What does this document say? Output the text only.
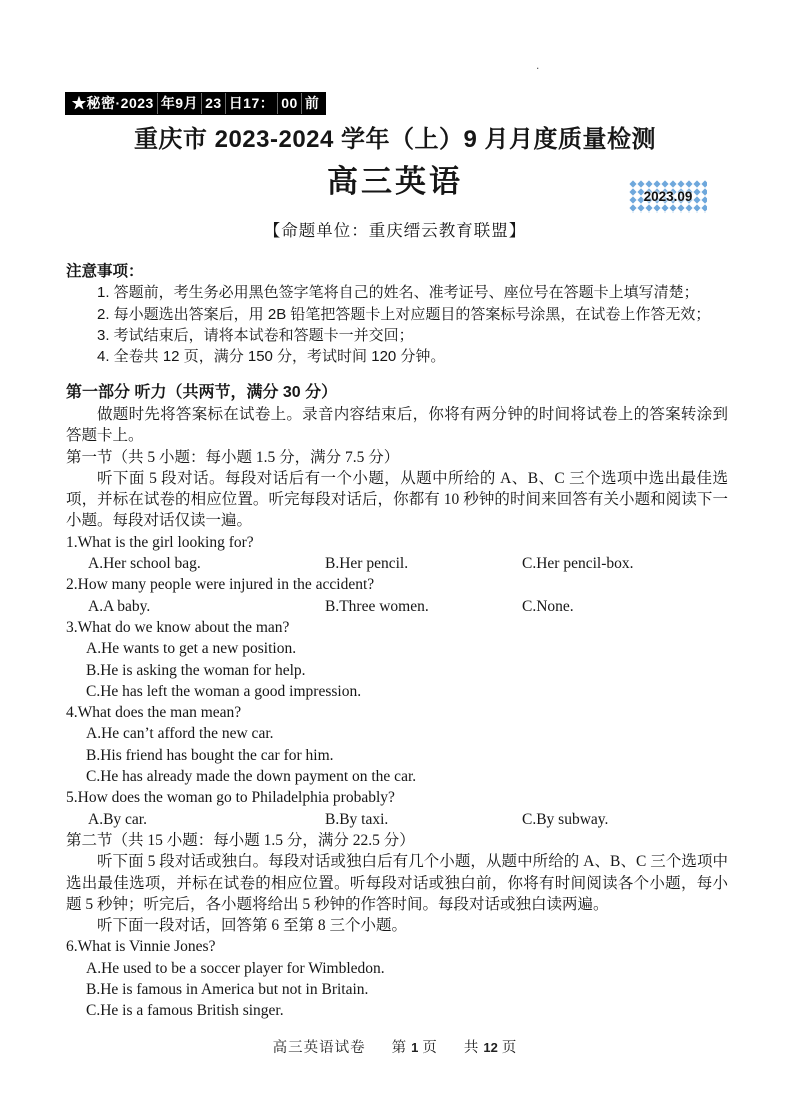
.
★秘密·2023 年9月 23 日17： 00 前
重庆市 2023-2024 学年（上）9 月月度质量检测
高三英语	2023.09
【命题单位：重庆缙云教育联盟】
注意事项：
1. 答题前，考生务必用黑色签字笔将自己的姓名、准考证号、座位号在答题卡上填写清楚；
2. 每小题选出答案后，用 2B 铅笔把答题卡上对应题目的答案标号涂黑，在试卷上作答无效；
3. 考试结束后，请将本试卷和答题卡一并交回；
4. 全卷共 12 页，满分 150 分，考试时间 120 分钟。
第一部分 听力（共两节，满分 30 分）

做题时先将答案标在试卷上。录音内容结束后，你将有两分钟的时间将试卷上的答案转涂到答题卡上。

第一节（共 5 小题：每小题 1.5 分，满分 7.5 分）

听下面 5 段对话。每段对话后有一个小题，从题中所给的 A、B、C 三个选项中选出最佳选项，并标在试卷的相应位置。听完每段对话后，你都有 10 秒钟的时间来回答有关小题和阅读下一小题。每段对话仅读一遍。

1.What is the girl looking for?
A.Her school bag.	B.Her pencil.	C.Her pencil-box.
2.How many people were injured in the accident?
A.A baby.	B.Three women.	C.None.
3.What do we know about the man?
A.He wants to get a new position.
B.He is asking the woman for help.
C.He has left the woman a good impression.
4.What does the man mean?
A.He can’t afford the new car.
B.His friend has bought the car for him.
C.He has already made the down payment on the car.
5.How does the woman go to Philadelphia probably?
A.By car.	B.By taxi.	C.By subway.
第二节（共 15 小题：每小题 1.5 分，满分 22.5 分）

听下面 5 段对话或独白。每段对话或独白后有几个小题，从题中所给的 A、B、C 三个选项中选出最佳选项，并标在试卷的相应位置。听每段对话或独白前，你将有时间阅读各个小题，每小题 5 秒钟；听完后，各小题将给出 5 秒钟的作答时间。每段对话或独白读两遍。

听下面一段对话，回答第 6 至第 8 三个小题。

6.What is Vinnie Jones?
A.He used to be a soccer player for Wimbledon.
B.He is famous in America but not in Britain.
C.He is a famous British singer.
高三英语试卷 第 1 页 共 12 页
